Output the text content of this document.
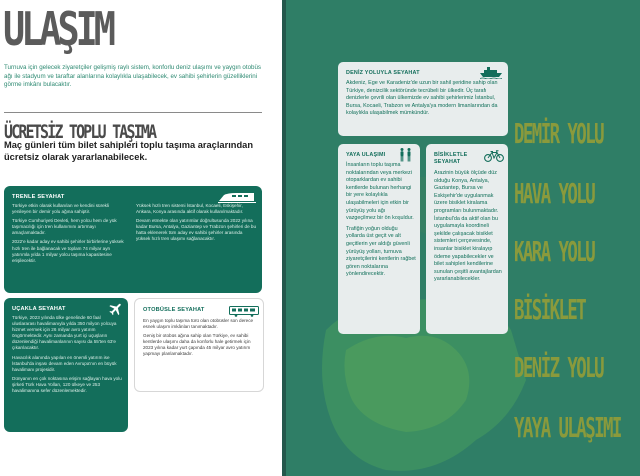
ULAŞIM
Turnuva için gelecek ziyaretçiler gelişmiş raylı sistem, konforlu deniz ulaşımı ve yaygın otobüs ağı ile stadyum ve taraftar alanlarına kolaylıkla ulaşabilecek, ev sahibi şehirlerin güzelliklerini görme imkânı bulacaktır.
ÜCRETSİZ TOPLU TAŞIMA
Maç günleri tüm bilet sahipleri toplu taşıma araçlarından ücretsiz olarak yararlanabilecek.
TRENLE SEYAHAT

Türkiye etkin olarak kullanılan ve kendini sürekli yenileyen bir demir yolu ağına sahiptir.

Türkiye Cumhuriyeti Devleti, hem yolcu hem de yük taşımacılığı için tren kullanımını artırmayı amaçlamaktadır.

2022'e kadar aday ev sahibi şehirler birbirlerine yüksek hızlı tren ile bağlanacak ve toplam 74 milyar ayrı yatırımla yılda 1 milyar yolcu taşıma kapasitesine erişilecektir.

Yüksek hızlı tren sistemi İstanbul, Kocaeli, Eskişehir, Ankara, Konya arasında aktif olarak kullanılmaktadır.

Devam etmekte olan yatırımlar doğrultusunda 2022 yılına kadar Bursa, Antalya, Gaziantep ve Trabzon şehirleri de bu hatta eklenerek tüm aday ev sahibi şehirler arasında yüksek hızlı tren ulaşımı sağlanacaktır.

UÇAKLA SEYAHAT

Türkiye, 2023 yılında ülke genelinde 60 faal uluslararası havalimanıyla yılda 350 milyon yolcuya hizmet vermek için 26 milyar avro yatırım öngörmektedir. Aynı zamanda yurt içi uçuşların düzenlendiği havalimanlarının sayısı da 55'ten 63'e çıkarılacaktır.

Havacılık alanında yapılan en önemli yatırım ise İstanbul'da inşası devam eden Avrupa'nın en büyük havalimanı projesidir.

Dünyanın en çok noktasına erişim sağlayan hava yolu şirketi Türk Hava Yolları, 120 ülkeye ve 253 havalimanına sefer düzenlemektedir.

OTOBÜSLE SEYAHAT

En yaygın toplu taşıma türü olan otobüsler son derece esnek ulaşım imkânları tanımaktadır.

Geniş bir otobüs ağına sahip olan Türkiye, ev sahibi kentlerde ulaşımı daha da konforlu hale getirmek için 2023 yılına kadar yurt çapında 45 milyar avro yatırım yapmayı planlamaktadır.

DENİZ YOLUYLA SEYAHAT
Akdeniz, Ege ve Karadeniz'de uzun bir sahil şeridine sahip olan Türkiye, denizcilik sektöründe tecrübeli bir ülkedir. Üç tarafı denizlerle çevrili olan ülkemizde ev sahibi şehirlerimiz İstanbul, Bursa, Kocaeli, Trabzon ve Antalya'ya modern limanlarından da kolaylıkla ulaşabilmek mümkündür.
YAYA ULAŞIMI

İnsanların toplu taşıma noktalarından veya merkezi otoparklardan ev sahibi kentlerde bulunan herhangi bir yere kolaylıkla ulaşabilmeleri için etkin bir yürüyüş yolu ağı vazgeçilmez bir ön koşuldur.

Trafiğin yoğun olduğu yollarda üst geçit ve alt geçitlerin yer aldığı güvenli yürüyüş yolları, turnuva ziyaretçilerini kentlerin rağbet gören noktalarına yönlendirecektir.

BİSİKLETLE SEYAHAT
Arazinin büyük ölçüde düz olduğu Konya, Antalya, Gaziantep, Bursa ve Eskişehir'de uygulanmak üzere bisiklet kiralama programları bulunmaktadır. İstanbul'da da aktif olan bu uygulamayla koordineli şekilde çalışacak bisiklet sistemleri çerçevesinde, insanlar bisiklet kiralayıp ödeme yapabilecekler ve bilet sahipleri kendilerine sunulan çeşitli avantajlardan yararlanabilecekler.
DEMİR YOLU
HAVA YOLU
KARA YOLU
BİSİKLET
DENİZ YOLU
YAYA ULAŞIMI
